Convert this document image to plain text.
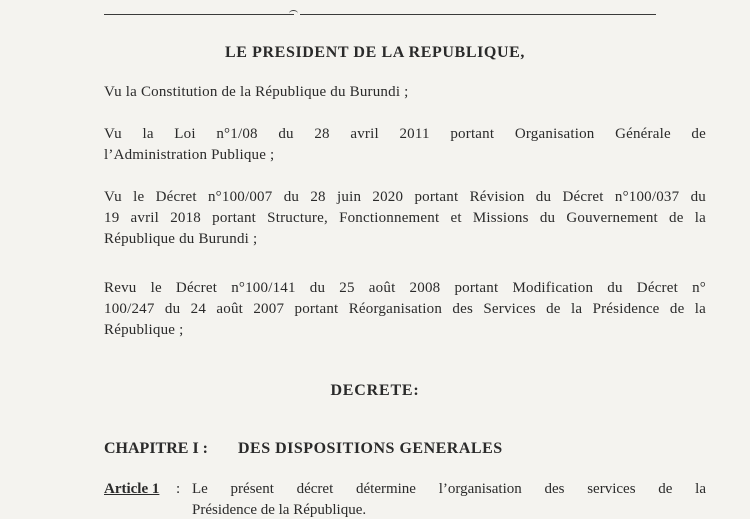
LE PRESIDENT DE LA REPUBLIQUE,
Vu la Constitution de la République du Burundi ;
Vu la Loi n°1/08 du 28 avril 2011 portant Organisation Générale de
l’Administration Publique ;
Vu le Décret n°100/007 du 28 juin 2020 portant Révision du Décret n°100/037 du
19 avril 2018 portant Structure, Fonctionnement et Missions du Gouvernement de la
République du Burundi ;
Revu le Décret n°100/141 du 25 août 2008 portant Modification du Décret n°
100/247 du 24 août 2007 portant Réorganisation des Services de la Présidence de la
République ;
DECRETE:
CHAPITRE I : DES DISPOSITIONS GENERALES
Article 1 : Le présent décret détermine l’organisation des services de la
Présidence de la République.
